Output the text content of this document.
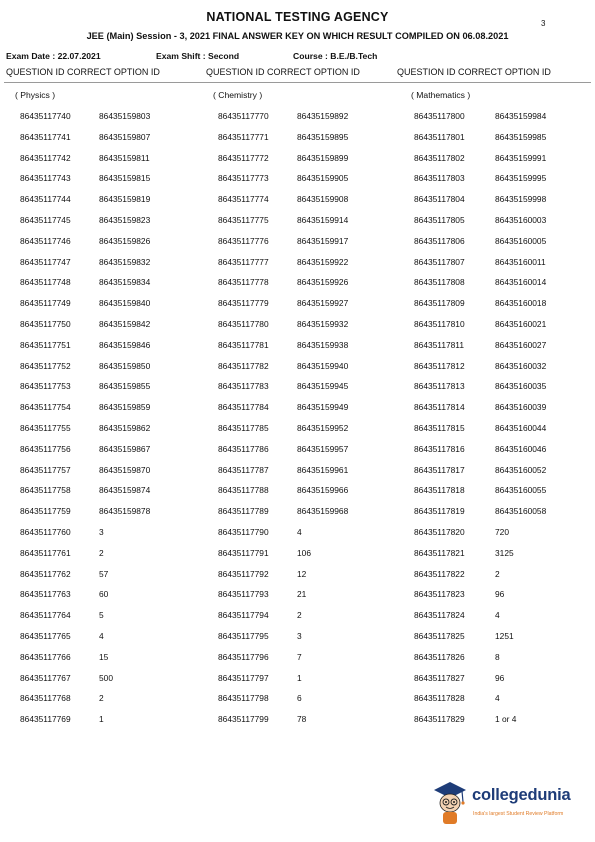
3
NATIONAL TESTING AGENCY
JEE (Main) Session - 3, 2021 FINAL ANSWER KEY ON WHICH RESULT COMPILED ON 06.08.2021
Exam Date : 22.07.2021	Exam Shift : Second	Course : B.E./B.Tech
QUESTION ID CORRECT OPTION ID	QUESTION ID CORRECT OPTION ID	QUESTION ID CORRECT OPTION ID
( Physics )
86435117740	86435159803
86435117741	86435159807
86435117742	86435159811
86435117743	86435159815
86435117744	86435159819
86435117745	86435159823
86435117746	86435159826
86435117747	86435159832
86435117748	86435159834
86435117749	86435159840
86435117750	86435159842
86435117751	86435159846
86435117752	86435159850
86435117753	86435159855
86435117754	86435159859
86435117755	86435159862
86435117756	86435159867
86435117757	86435159870
86435117758	86435159874
86435117759	86435159878
86435117760	3
86435117761	2
86435117762	57
86435117763	60
86435117764	5
86435117765	4
86435117766	15
86435117767	500
86435117768	2
86435117769	1
( Chemistry )
86435117770	86435159892
86435117771	86435159895
86435117772	86435159899
86435117773	86435159905
86435117774	86435159908
86435117775	86435159914
86435117776	86435159917
86435117777	86435159922
86435117778	86435159926
86435117779	86435159927
86435117780	86435159932
86435117781	86435159938
86435117782	86435159940
86435117783	86435159945
86435117784	86435159949
86435117785	86435159952
86435117786	86435159957
86435117787	86435159961
86435117788	86435159966
86435117789	86435159968
86435117790	4
86435117791	106
86435117792	12
86435117793	21
86435117794	2
86435117795	3
86435117796	7
86435117797	1
86435117798	6
86435117799	78
( Mathematics )
86435117800	86435159984
86435117801	86435159985
86435117802	86435159991
86435117803	86435159995
86435117804	86435159998
86435117805	86435160003
86435117806	86435160005
86435117807	86435160011
86435117808	86435160014
86435117809	86435160018
86435117810	86435160021
86435117811	86435160027
86435117812	86435160032
86435117813	86435160035
86435117814	86435160039
86435117815	86435160044
86435117816	86435160046
86435117817	86435160052
86435117818	86435160055
86435117819	86435160058
86435117820	720
86435117821	3125
86435117822	2
86435117823	96
86435117824	4
86435117825	1251
86435117826	8
86435117827	96
86435117828	4
86435117829	1 or 4
collegedunia
India's largest Student Review Platform
